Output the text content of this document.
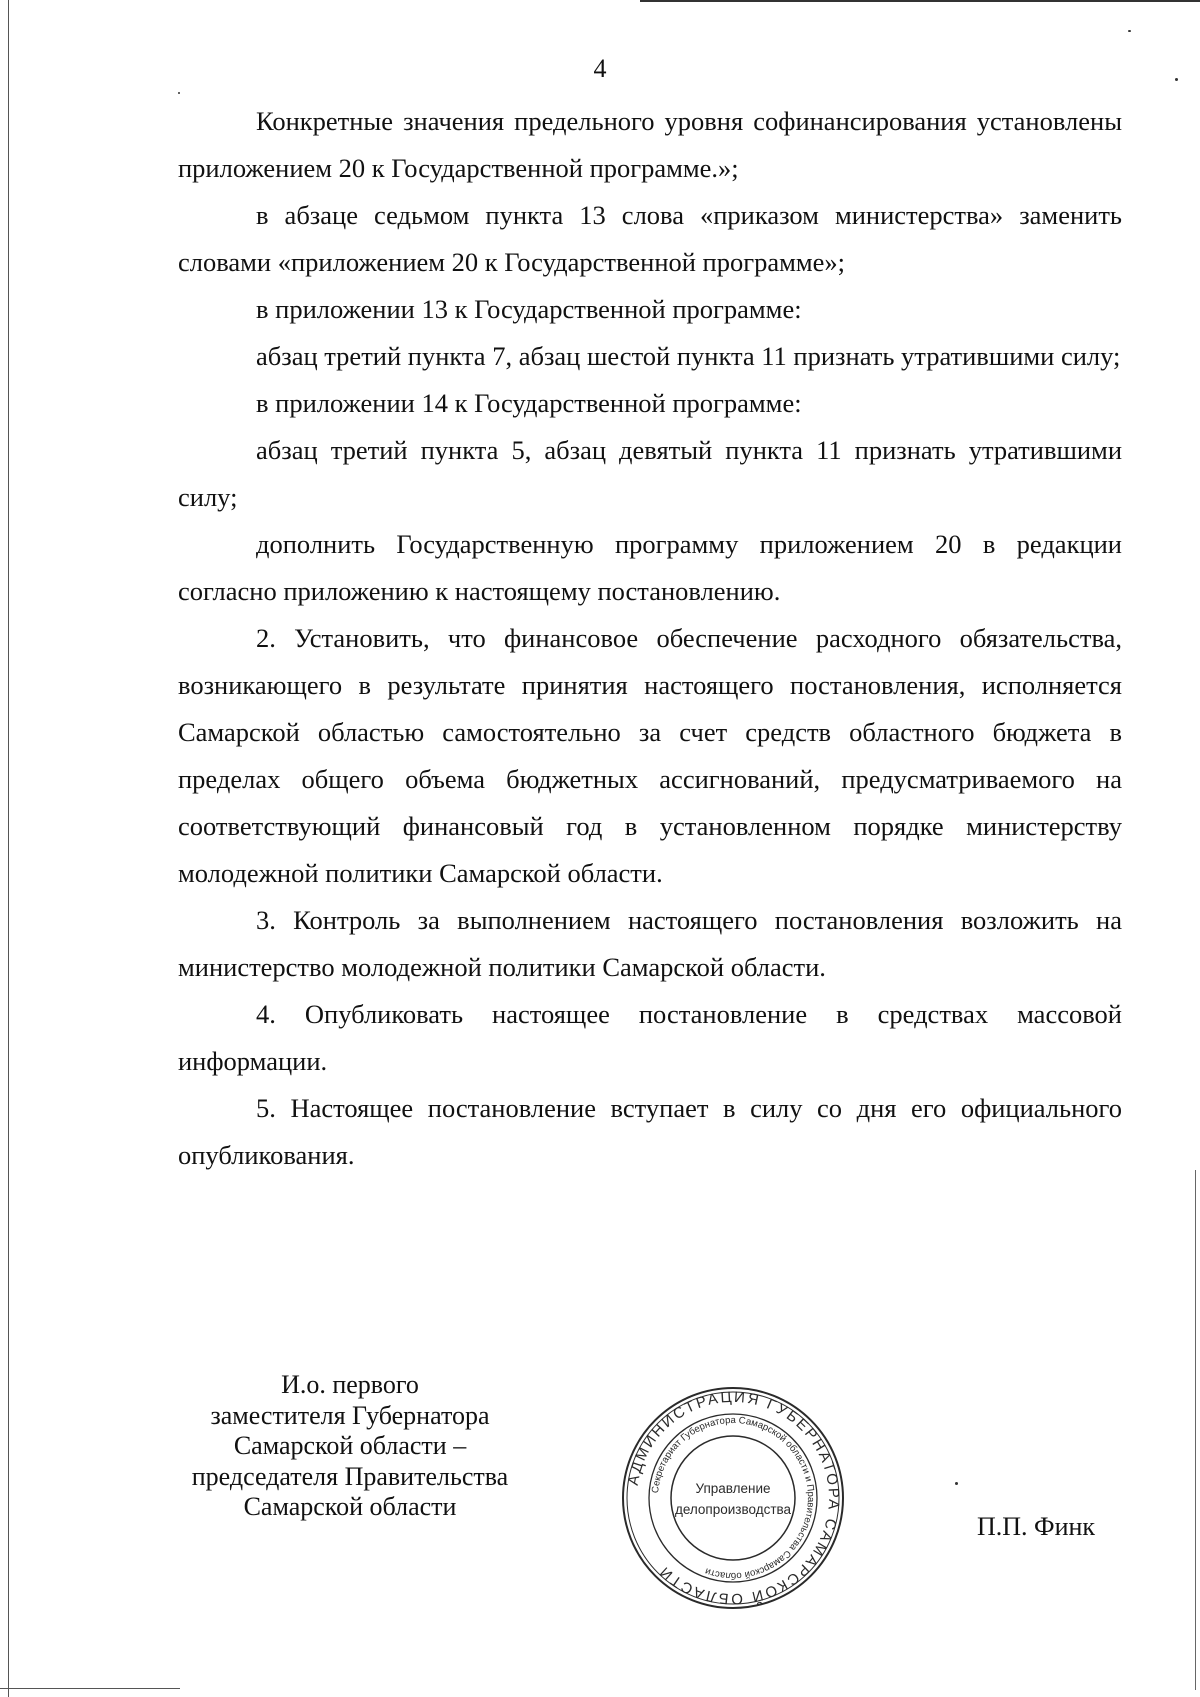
4

Конкретные значения предельного уровня софинансирования установлены приложением 20 к Государственной программе.»;

в абзаце седьмом пункта 13 слова «приказом министерства» заменить словами «приложением 20 к Государственной программе»;

в приложении 13 к Государственной программе:

абзац третий пункта 7, абзац шестой пункта 11 признать утратившими силу;

в приложении 14 к Государственной программе:

абзац третий пункта 5, абзац девятый пункта 11 признать утратившими силу;

дополнить Государственную программу приложением 20 в редакции согласно приложению к настоящему постановлению.

2. Установить, что финансовое обеспечение расходного обязательства, возникающего в результате принятия настоящего постановления, исполняется Самарской областью самостоятельно за счет средств областного бюджета в пределах общего объема бюджетных ассигнований, предусматриваемого на соответствующий финансовый год в установленном порядке министерству молодежной политики Самарской области.

3. Контроль за выполнением настоящего постановления возложить на министерство молодежной политики Самарской области.

4. Опубликовать настоящее постановление в средствах массовой информации.

5. Настоящее постановление вступает в силу со дня его официального опубликования.

И.о. первого
заместителя Губернатора
Самарской области –
председателя Правительства
Самарской области
АДМИНИСТРАЦИЯ ГУБЕРНАТОРА САМАРСКОЙ ОБЛАСТИ
Секретариат Губернатора Самарской области и Правительства Самарской области
Управление
делопроизводства
П.П. Финк
